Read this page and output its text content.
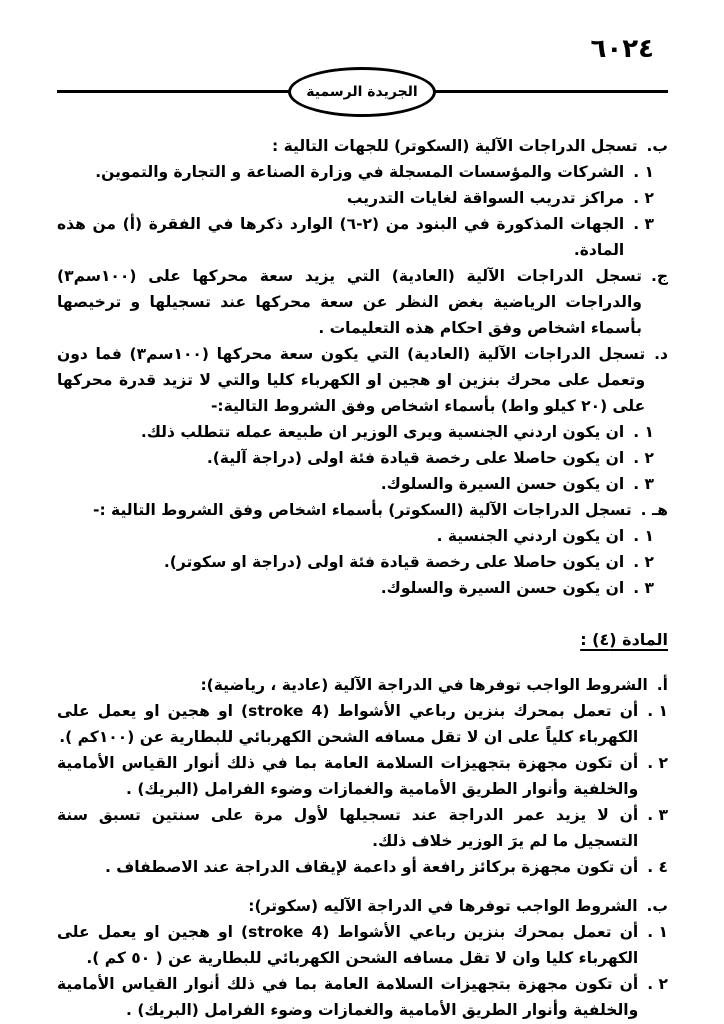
٦٠٢٤
الجريدة الرسمية
ب.
تسجل الدراجات الآلية (السكوتر) للجهات التالية :
١ .
الشركات والمؤسسات المسجلة في وزارة الصناعة و التجارة والتموين.
٢ .
مراكز تدريب السواقة لغايات التدريب
٣ .
الجهات المذكورة في البنود من (⁦٢-٦⁩) الوارد ذكرها في الفقرة (أ) من هذه المادة.
ج.
تسجل الدراجات الآلية (العادية) التي يزيد سعة محركها على (١٠٠سم٣) والدراجات الرياضية بغض النظر عن سعة محركها عند تسجيلها و ترخيصها بأسماء اشخاص وفق احكام هذه التعليمات .
د.
تسجل الدراجات الآلية (العادية) التي يكون سعة محركها (١٠٠سم٣) فما دون وتعمل على محرك بنزين او هجين او الكهرباء كليا والتي لا تزيد قدرة محركها على (٢٠ كيلو واط) بأسماء اشخاص وفق الشروط التالية:-
١ .
ان يكون اردني الجنسية ويرى الوزير ان طبيعة عمله تتطلب ذلك.
٢ .
ان يكون حاصلا على رخصة قيادة فئة اولى (دراجة آلية).
٣ .
ان يكون حسن السيرة والسلوك.
هـ .
تسجل الدراجات الآلية (السكوتر) بأسماء اشخاص وفق الشروط التالية :-
١ .
ان يكون اردني الجنسية .
٢ .
ان يكون حاصلا على رخصة قيادة فئة اولى (دراجة او سكوتر).
٣ .
ان يكون حسن السيرة والسلوك.
المادة (٤) :
أ.
الشروط الواجب توفرها في الدراجة الآلية (عادية ، رياضية):
١ .
أن تعمل بمحرك بنزين رباعي الأشواط (4 stroke) او هجين او يعمل على الكهرباء كلياً على ان لا تقل مسافه الشحن الكهربائي للبطارية عن (١٠٠كم ).
٢ .
أن تكون مجهزة بتجهيزات السلامة العامة بما في ذلك أنوار القياس الأمامية والخلفية وأنوار الطريق الأمامية والغمازات وضوء الفرامل (البريك) .
٣ .
أن لا يزيد عمر الدراجة عند تسجيلها لأول مرة على سنتين تسبق سنة التسجيل ما لم يرَ الوزير خلاف ذلك.
٤ .
أن تكون مجهزة بركائز رافعة أو داعمة لإيقاف الدراجة عند الاصطفاف .
ب.
الشروط الواجب توفرها في الدراجة الآليه (سكوتر):
١ .
أن تعمل بمحرك بنزين رباعي الأشواط (4 stroke) او هجين او يعمل على الكهرباء كليا وان لا تقل مسافه الشحن الكهربائي للبطارية عن ( ٥٠ كم ).
٢ .
أن تكون مجهزة بتجهيزات السلامة العامة بما في ذلك أنوار القياس الأمامية والخلفية وأنوار الطريق الأمامية والغمازات وضوء الفرامل (البريك) .
